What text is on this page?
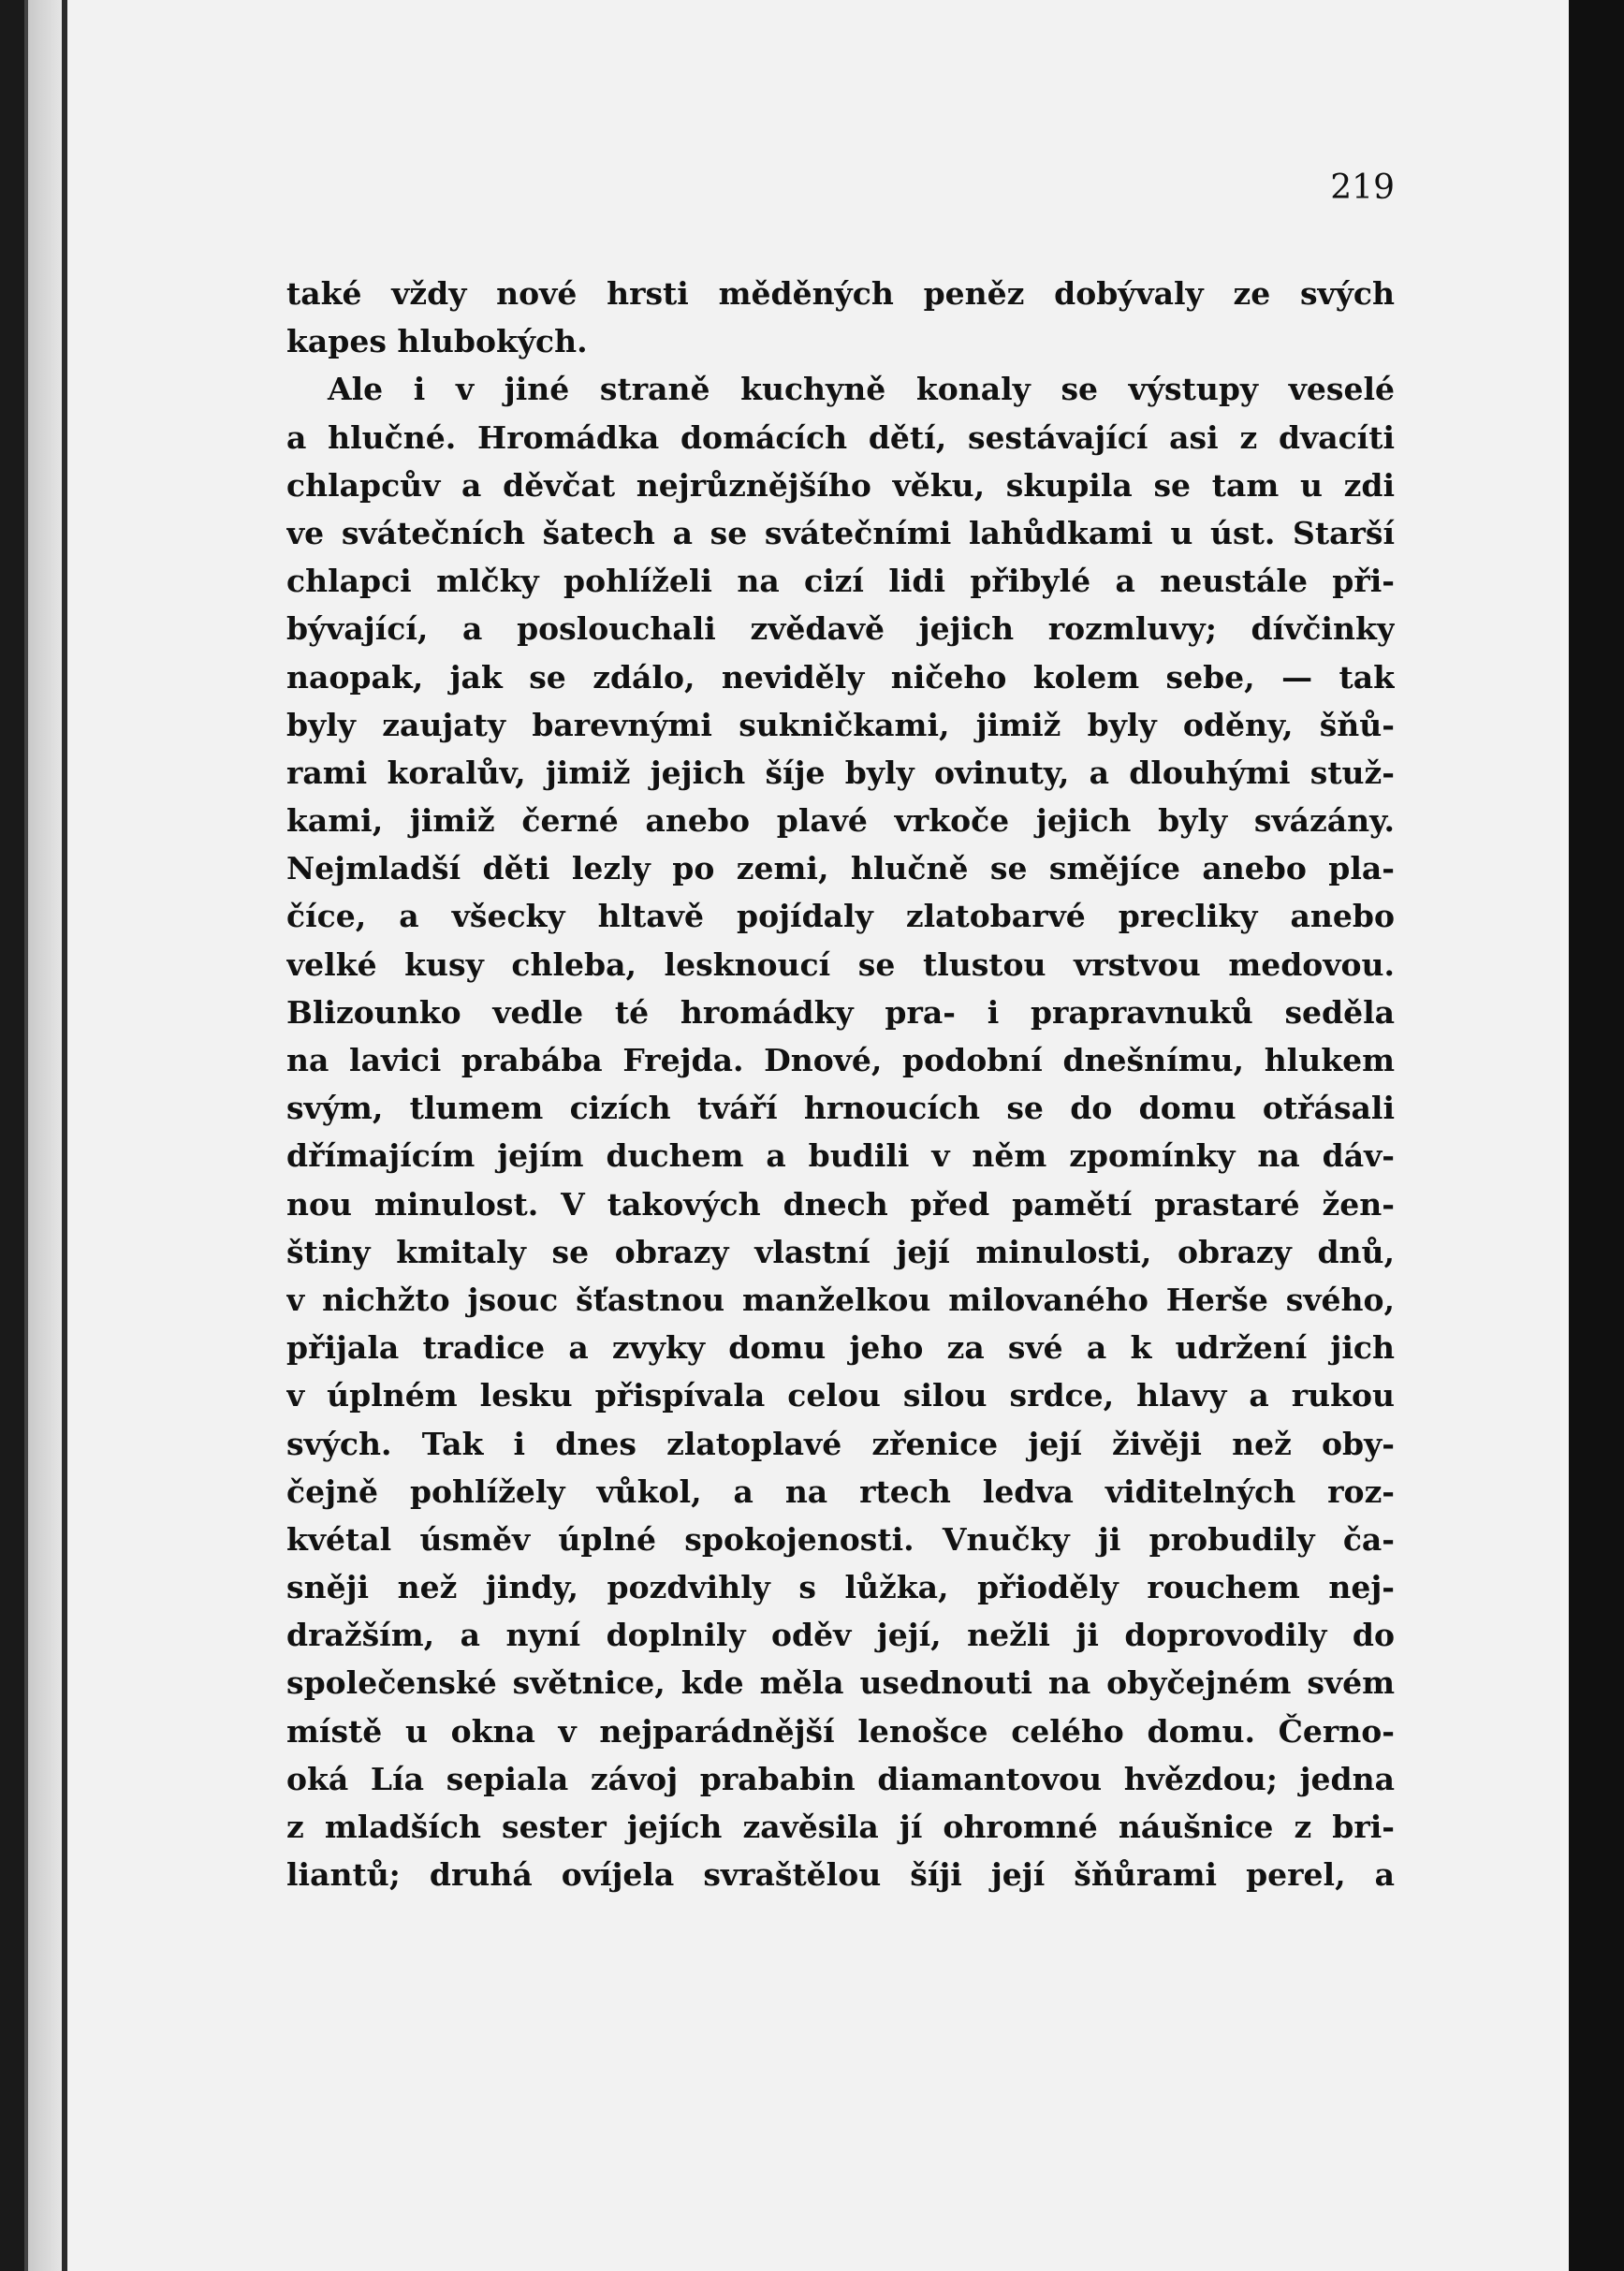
219

také vždy nové hrsti měděných peněz dobývaly ze svých
kapes hlubokých.
Ale i v jiné straně kuchyně konaly se výstupy veselé
a hlučné. Hromádka domácích dětí, sestávající asi z dvacíti
chlapcův a děvčat nejrůznějšího věku, skupila se tam u zdi
ve svátečních šatech a se svátečními lahůdkami u úst. Starší
chlapci mlčky pohlíželi na cizí lidi přibylé a neustále při-
bývající, a poslouchali zvědavě jejich rozmluvy; dívčinky
naopak, jak se zdálo, neviděly ničeho kolem sebe, — tak
byly zaujaty barevnými sukničkami, jimiž byly oděny, šňů-
rami koralův, jimiž jejich šíje byly ovinuty, a dlouhými stuž-
kami, jimiž černé anebo plavé vrkoče jejich byly svázány.
Nejmladší děti lezly po zemi, hlučně se smějíce anebo pla-
číce, a všecky hltavě pojídaly zlatobarvé precliky anebo
velké kusy chleba, lesknoucí se tlustou vrstvou medovou.
Blizounko vedle té hromádky pra- i prapravnuků seděla
na lavici prabába Frejda. Dnové, podobní dnešnímu, hlukem
svým, tlumem cizích tváří hrnoucích se do domu otřásali
dřímajícím jejím duchem a budili v něm zpomínky na dáv-
nou minulost. V takových dnech před pamětí prastaré žen-
štiny kmitaly se obrazy vlastní její minulosti, obrazy dnů,
v nichžto jsouc šťastnou manželkou milovaného Herše svého,
přijala tradice a zvyky domu jeho za své a k udržení jich
v úplném lesku přispívala celou silou srdce, hlavy a rukou
svých. Tak i dnes zlatoplavé zřenice její živěji než oby-
čejně pohlížely vůkol, a na rtech ledva viditelných roz-
kvétal úsměv úplné spokojenosti. Vnučky ji probudily ča-
sněji než jindy, pozdvihly s lůžka, přioděly rouchem nej-
dražším, a nyní doplnily oděv její, nežli ji doprovodily do
společenské světnice, kde měla usednouti na obyčejném svém
místě u okna v nejparádnější lenošce celého domu. Černo-
oká Lía sepiala závoj prababin diamantovou hvězdou; jedna
z mladších sester jejích zavěsila jí ohromné náušnice z bri-
liantů; druhá ovíjela svraštělou šíji její šňůrami perel, a
